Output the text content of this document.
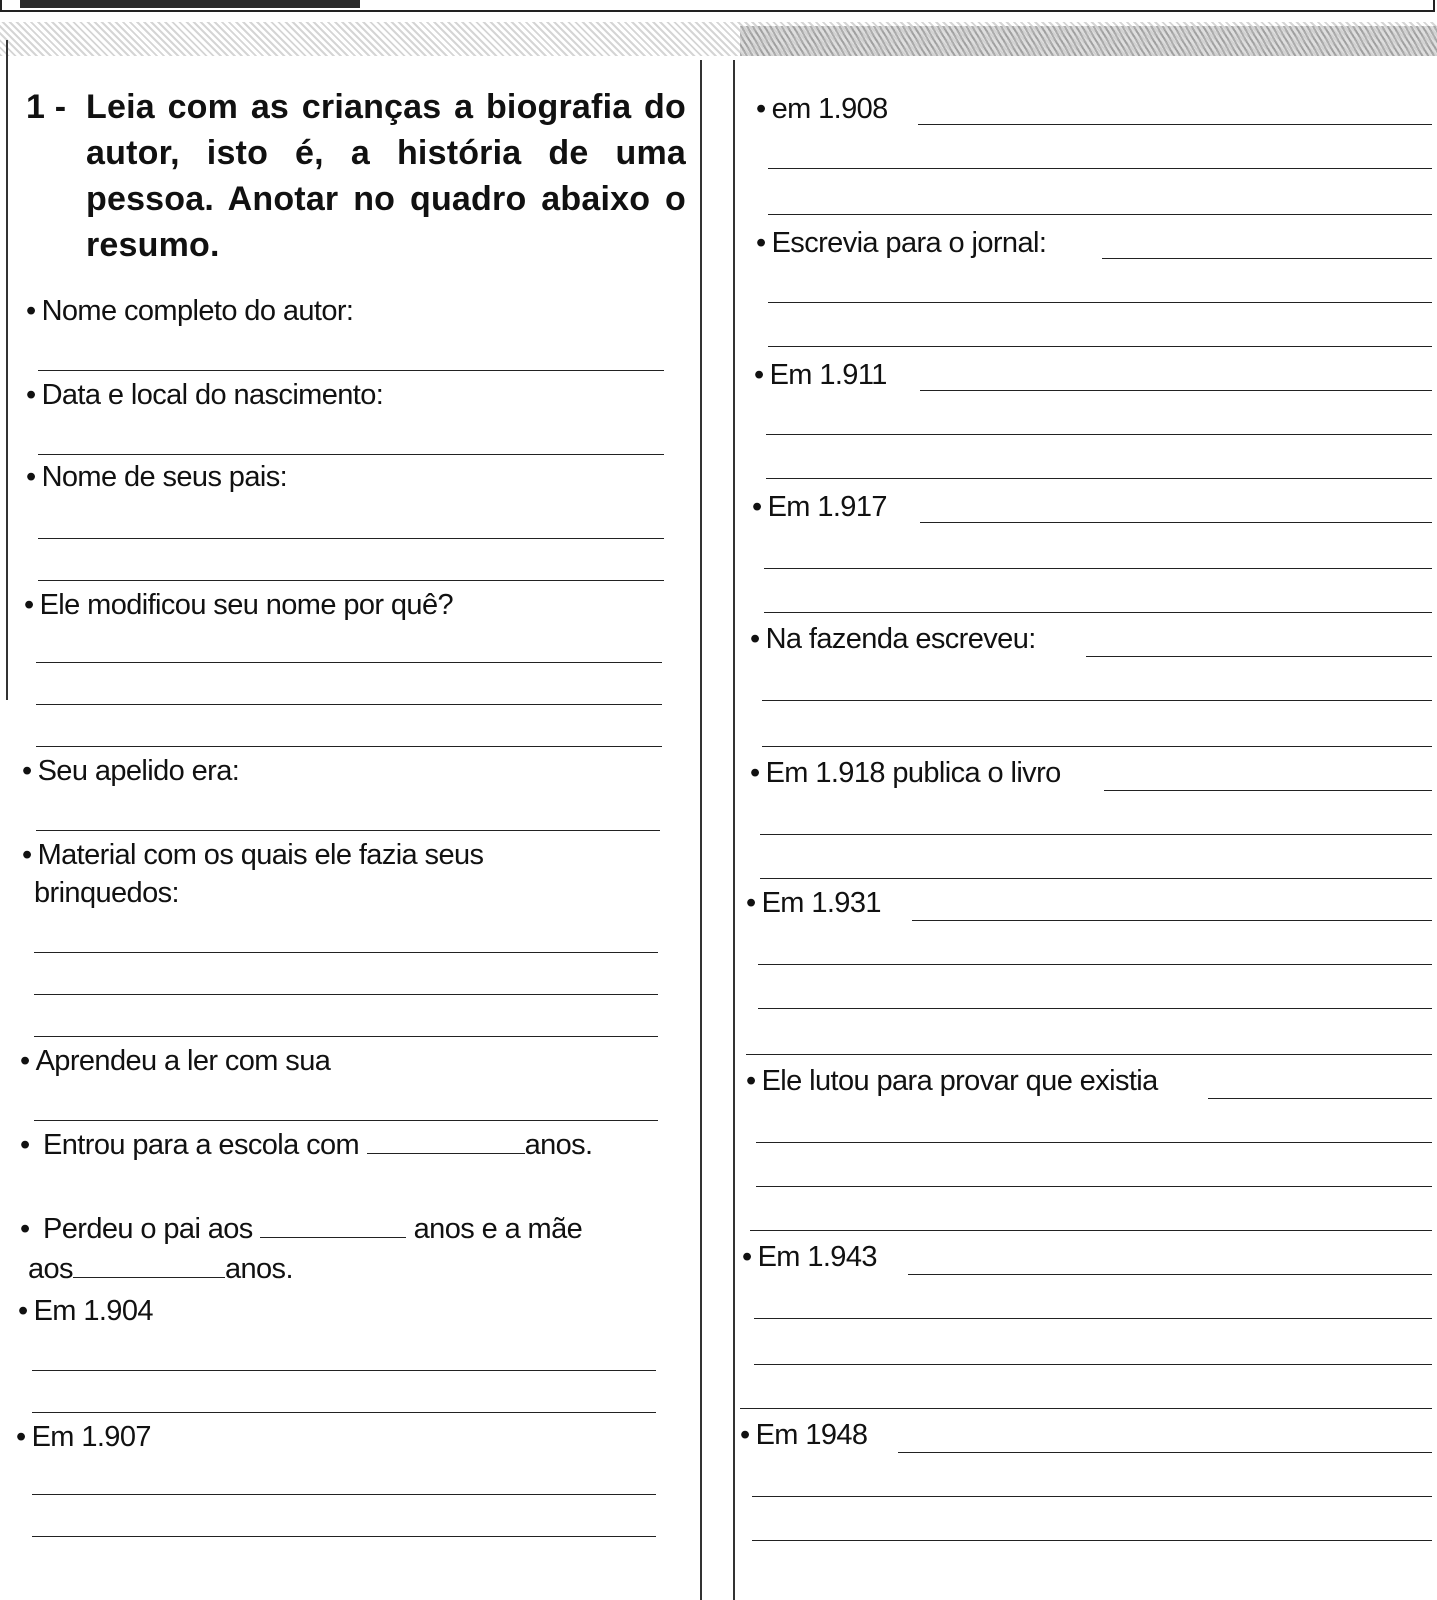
1 - Leia com as crianças a biografia do autor, isto é, a história de uma pessoa. Anotar no quadro abaixo o resumo.
• Nome completo do autor:
• Data e local do nascimento:
• Nome de seus pais:
• Ele modificou seu nome por quê?
• Seu apelido era:
• Material com os quais ele fazia seus
brinquedos:
• Aprendeu a ler com sua
• Entrou para a escola com	anos.
• Perdeu o pai aos	anos e a mãe
aos	anos.
• Em 1.904
• Em 1.907
• em 1.908
• Escrevia para o jornal:
• Em 1.911
• Em 1.917
• Na fazenda escreveu:
• Em 1.918 publica o livro
• Em 1.931
• Ele lutou para provar que existia
• Em 1.943
• Em 1948
